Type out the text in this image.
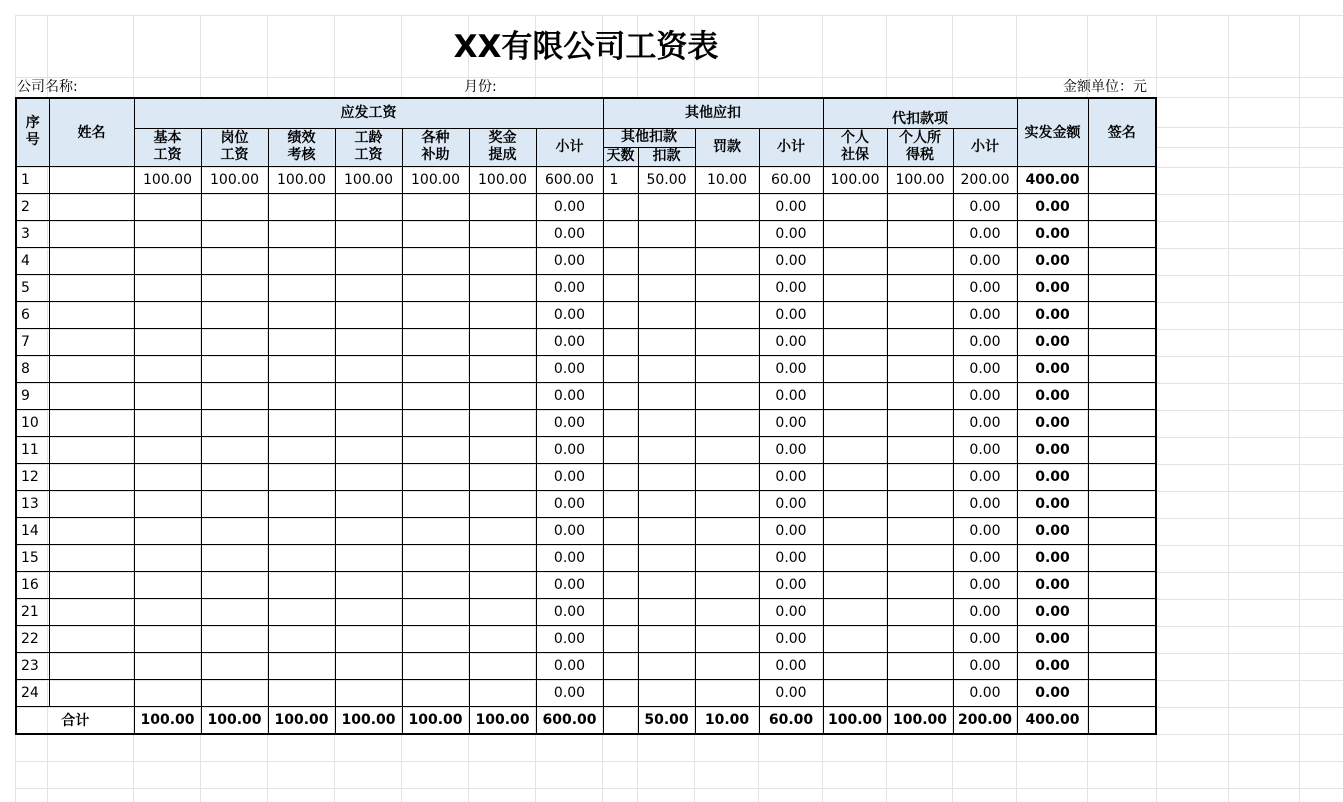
XX有限公司工资表
公司名称:	月份:	金额单位：元
序号	姓名	应发工资							其他应扣				代扣款项			实发金额	签名
		基本工资	岗位工资	绩效考核	工龄工资	各种补助	奖金提成	小计	其他扣款		罚款	小计	个人社保	个人所得税	小计		
									天数	扣款							
1		100.00	100.00	100.00	100.00	100.00	100.00	600.00	1	50.00	10.00	60.00	100.00	100.00	200.00	400.00	
2								0.00				0.00			0.00	0.00	
3								0.00				0.00			0.00	0.00	
4								0.00				0.00			0.00	0.00	
5								0.00				0.00			0.00	0.00	
6								0.00				0.00			0.00	0.00	
7								0.00				0.00			0.00	0.00	
8								0.00				0.00			0.00	0.00	
9								0.00				0.00			0.00	0.00	
10								0.00				0.00			0.00	0.00	
11								0.00				0.00			0.00	0.00	
12								0.00				0.00			0.00	0.00	
13								0.00				0.00			0.00	0.00	
14								0.00				0.00			0.00	0.00	
15								0.00				0.00			0.00	0.00	
16								0.00				0.00			0.00	0.00	
21								0.00				0.00			0.00	0.00	
22								0.00				0.00			0.00	0.00	
23								0.00				0.00			0.00	0.00	
24								0.00				0.00			0.00	0.00	
合计		100.00	100.00	100.00	100.00	100.00	100.00	600.00		50.00	10.00	60.00	100.00	100.00	200.00	400.00	
